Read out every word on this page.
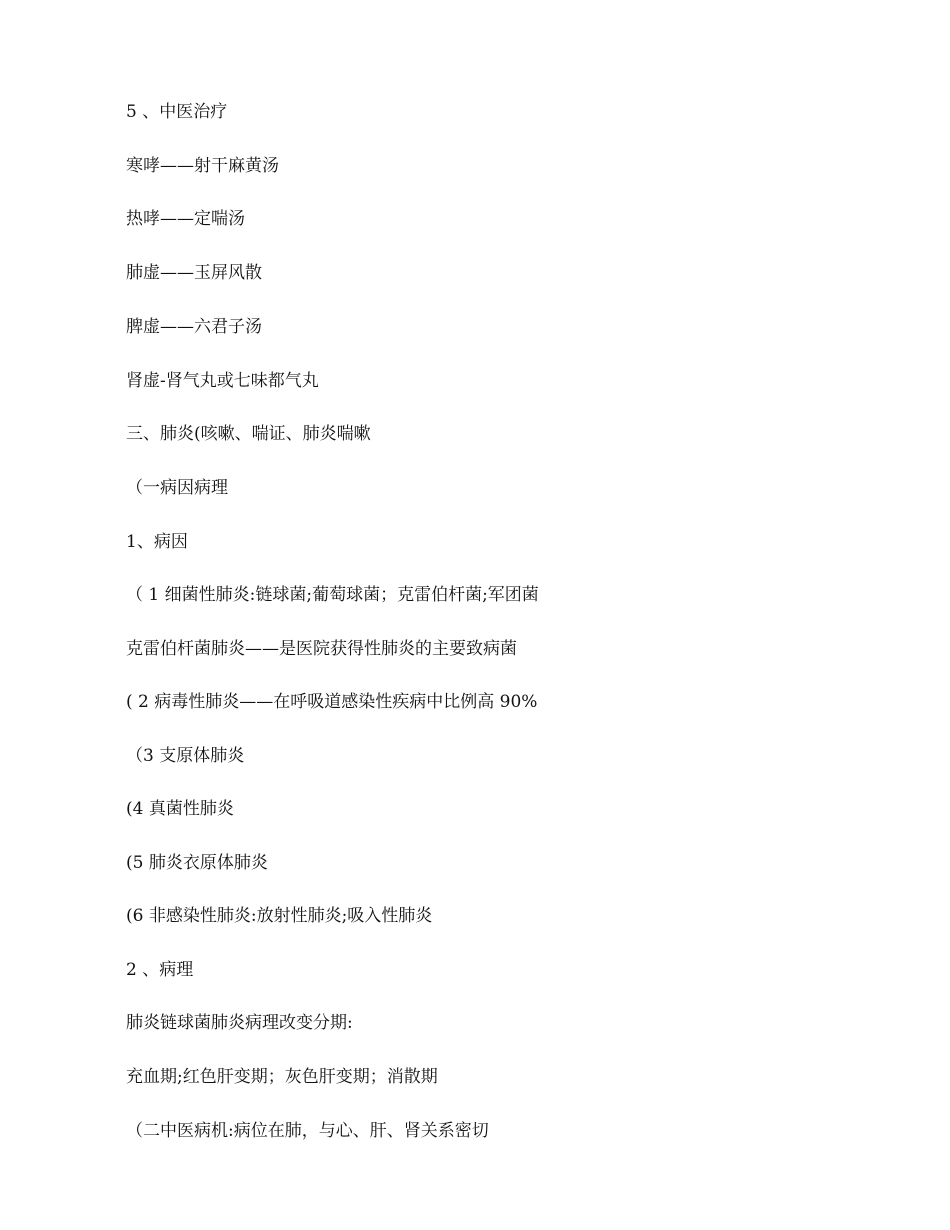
5 、中医治疗
寒哮——射干麻黄汤
热哮——定喘汤
肺虚——玉屏风散
脾虚——六君子汤
肾虚-肾气丸或七味都气丸
三、肺炎(咳嗽、喘证、肺炎喘嗽
（一病因病理
1、病因
（ 1 细菌性肺炎:链球菌;葡萄球菌；克雷伯杆菌;军团菌
克雷伯杆菌肺炎——是医院获得性肺炎的主要致病菌
( 2 病毒性肺炎——在呼吸道感染性疾病中比例高 90%
（3 支原体肺炎
(4 真菌性肺炎
(5 肺炎衣原体肺炎
(6 非感染性肺炎:放射性肺炎;吸入性肺炎
2 、病理
肺炎链球菌肺炎病理改变分期:
充血期;红色肝变期；灰色肝变期；消散期
（二中医病机:病位在肺，与心、肝、肾关系密切
